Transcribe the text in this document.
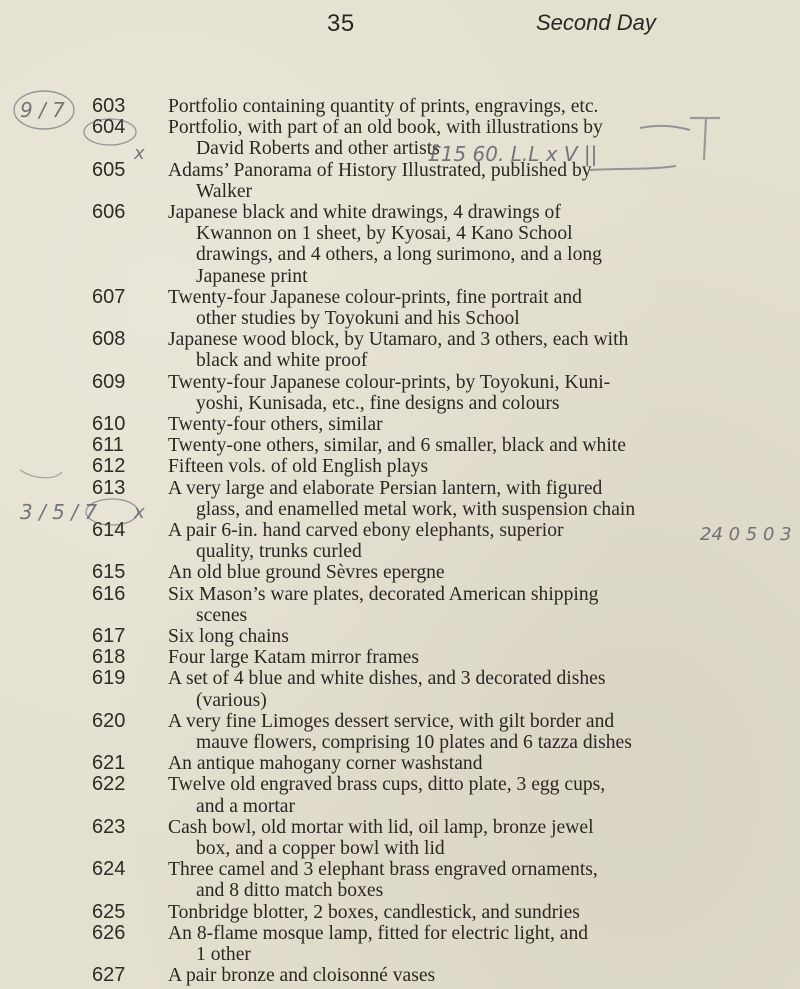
35	Second Day
603 Portfolio containing quantity of prints, engravings, etc.
604 Portfolio, with part of an old book, with illustrations by
David Roberts and other artists
605 Adams’ Panorama of History Illustrated, published by
Walker
606 Japanese black and white drawings, 4 drawings of
Kwannon on 1 sheet, by Kyosai, 4 Kano School
drawings, and 4 others, a long surimono, and a long
Japanese print
607 Twenty-four Japanese colour-prints, fine portrait and
other studies by Toyokuni and his School
608 Japanese wood block, by Utamaro, and 3 others, each with
black and white proof
609 Twenty-four Japanese colour-prints, by Toyokuni, Kuni-
yoshi, Kunisada, etc., fine designs and colours
610 Twenty-four others, similar
611 Twenty-one others, similar, and 6 smaller, black and white
612 Fifteen vols. of old English plays
613 A very large and elaborate Persian lantern, with figured
glass, and enamelled metal work, with suspension chain
614 A pair 6-in. hand carved ebony elephants, superior
quality, trunks curled
615 An old blue ground Sèvres epergne
616 Six Mason’s ware plates, decorated American shipping
scenes
617 Six long chains
618 Four large Katam mirror frames
619 A set of 4 blue and white dishes, and 3 decorated dishes
(various)
620 A very fine Limoges dessert service, with gilt border and
mauve flowers, comprising 10 plates and 6 tazza dishes
621 An antique mahogany corner washstand
622 Twelve old engraved brass cups, ditto plate, 3 egg cups,
and a mortar
623 Cash bowl, old mortar with lid, oil lamp, bronze jewel
box, and a copper bowl with lid
624 Three camel and 3 elephant brass engraved ornaments,
and 8 ditto match boxes
625 Tonbridge blotter, 2 boxes, candlestick, and sundries
626 An 8-flame mosque lamp, fitted for electric light, and
1 other
627 A pair bronze and cloisonné vases
£15 60. L.L x V ||
24 0 5 0 3
9 / 7
3 / 5 / 7
x
x
